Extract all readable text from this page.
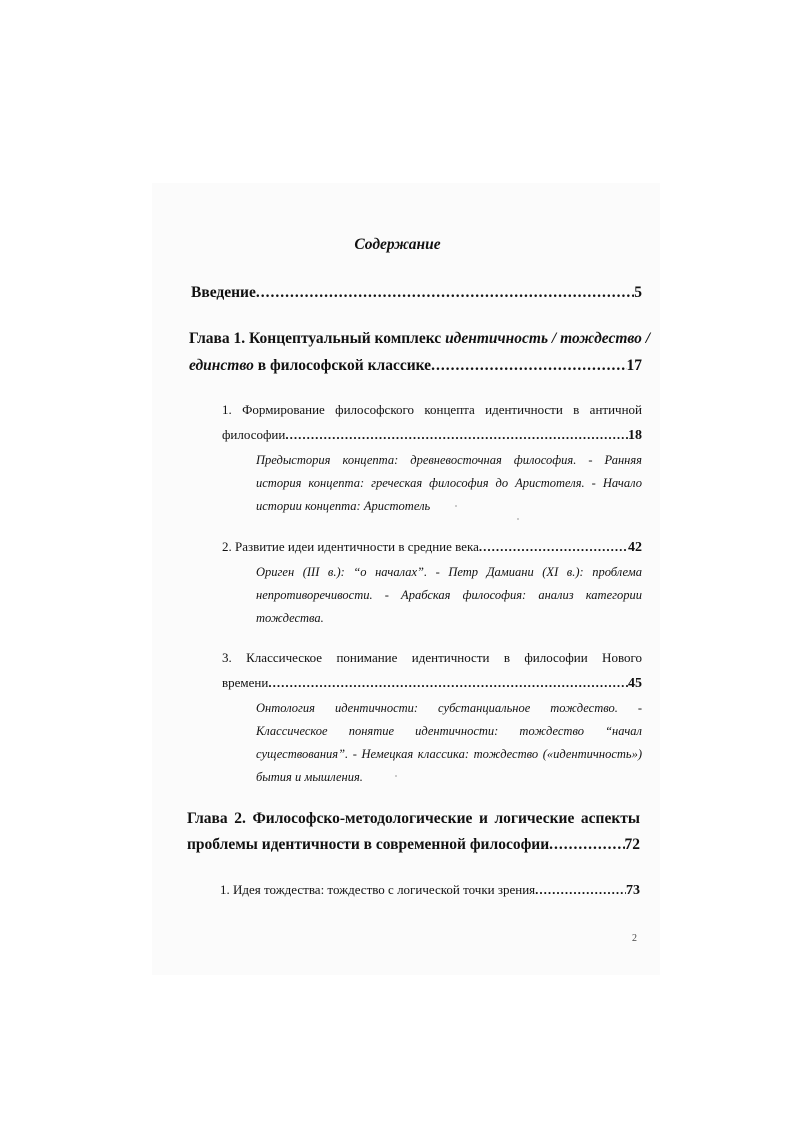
Содержание
Введение .....	5
Глава 1. Концептуальный комплекс идентичность / тождество /
единство в философской классике .....	17
1. Формирование философского концепта идентичности в античной
философии .....	18
Предыстория концепта: древневосточная философия. - Ранняя история концепта: греческая философия до Аристотеля. - Начало истории концепта: Аристотель
2. Развитие идеи идентичности в средние века .....	42
Ориген (III в.): “о началах”. - Петр Дамиани (XI в.): проблема непротиворечивости. - Арабская философия: анализ категории тождества.
3. Классическое понимание идентичности в философии Нового
времени .....	45
Онтология идентичности: субстанциальное тождество. - Классическое понятие идентичности: тождество “начал существования”. - Немецкая классика: тождество («идентичность») бытия и мышления.
Глава 2. Философско-методологические и логические аспекты
проблемы идентичности в современной философии .....	72
1. Идея тождества: тождество с логической точки зрения .....	73
2
